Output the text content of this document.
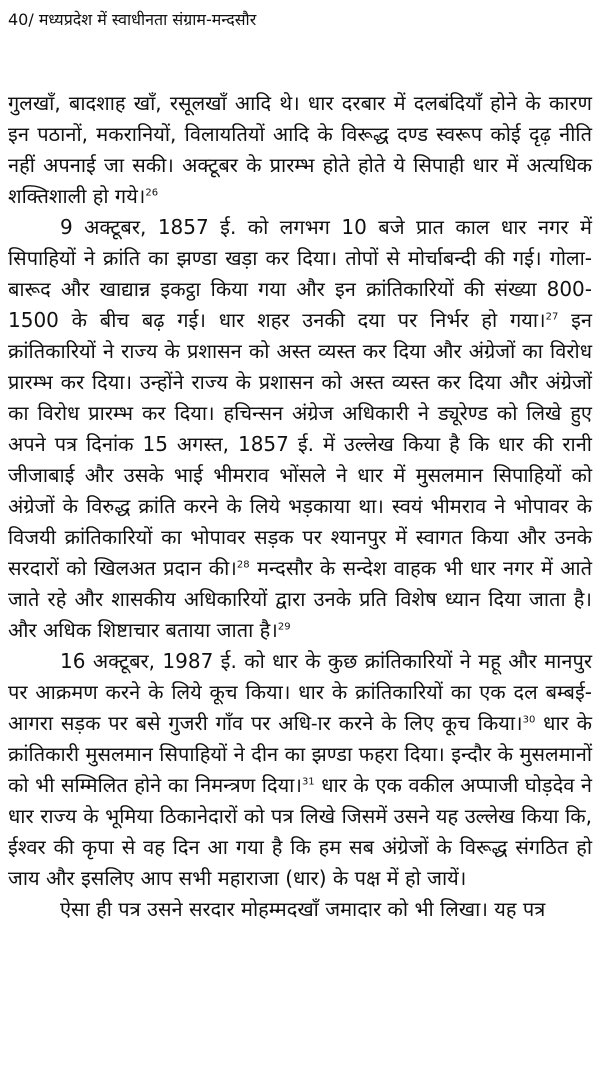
40/ मध्यप्रदेश में स्वाधीनता संग्राम-मन्दसौर

गुलखाँ, बादशाह खाँ, रसूलखाँ आदि थे। धार दरबार में दलबंदियाँ होने के कारण इन पठानों, मकरानियों, विलायतियों आदि के विरूद्ध दण्ड स्वरूप कोई दृढ़ नीति नहीं अपनाई जा सकी। अक्टूबर के प्रारम्भ होते होते ये सिपाही धार में अत्यधिक शक्तिशाली हो गये।$^{26}$

9 अक्टूबर, 1857 ई. को लगभग 10 बजे प्रात काल धार नगर में सिपाहियों ने क्रांति का झण्डा खड़ा कर दिया। तोपों से मोर्चाबन्दी की गई। गोला-बारूद और खाद्यान्न इकट्ठा किया गया और इन क्रांतिकारियों की संख्या 800-1500 के बीच बढ़ गई। धार शहर उनकी दया पर निर्भर हो गया।$^{27}$ इन क्रांतिकारियों ने राज्य के प्रशासन को अस्त व्यस्त कर दिया और अंग्रेजों का विरोध प्रारम्भ कर दिया। उन्होंने राज्य के प्रशासन को अस्त व्यस्त कर दिया और अंग्रेजों का विरोध प्रारम्भ कर दिया। हचिन्सन अंग्रेज अधिकारी ने ड्यूरेण्ड को लिखे हुए अपने पत्र दिनांक 15 अगस्त, 1857 ई. में उल्लेख किया है कि धार की रानी जीजाबाई और उसके भाई भीमराव भोंसले ने धार में मुसलमान सिपाहियों को अंग्रेजों के विरुद्ध क्रांति करने के लिये भड़काया था। स्वयं भीमराव ने भोपावर के विजयी क्रांतिकारियों का भोपावर सड़क पर श्यानपुर में स्वागत किया और उनके सरदारों को खिलअत प्रदान की।$^{28}$ मन्दसौर के सन्देश वाहक भी धार नगर में आते जाते रहे और शासकीय अधिकारियों द्वारा उनके प्रति विशेष ध्यान दिया जाता है। और अधिक शिष्टाचार बताया जाता है।$^{29}$

16 अक्टूबर, 1987 ई. को धार के कुछ क्रांतिकारियों ने महू और मानपुर पर आक्रमण करने के लिये कूच किया। धार के क्रांतिकारियों का एक दल बम्बई-आगरा सड़क पर बसे गुजरी गाँव पर अधि-ार करने के लिए कूच किया।$^{30}$ धार के क्रांतिकारी मुसलमान सिपाहियों ने दीन का झण्डा फहरा दिया। इन्दौर के मुसलमानों को भी सम्मिलित होने का निमन्त्रण दिया।$^{31}$ धार के एक वकील अप्पाजी घोड़देव ने धार राज्य के भूमिया ठिकानेदारों को पत्र लिखे जिसमें उसने यह उल्लेख किया कि, ईश्वर की कृपा से वह दिन आ गया है कि हम सब अंग्रेजों के विरूद्ध संगठित हो जाय और इसलिए आप सभी महाराजा (धार) के पक्ष में हो जायें।

ऐसा ही पत्र उसने सरदार मोहम्मदखाँ जमादार को भी लिखा। यह पत्र
